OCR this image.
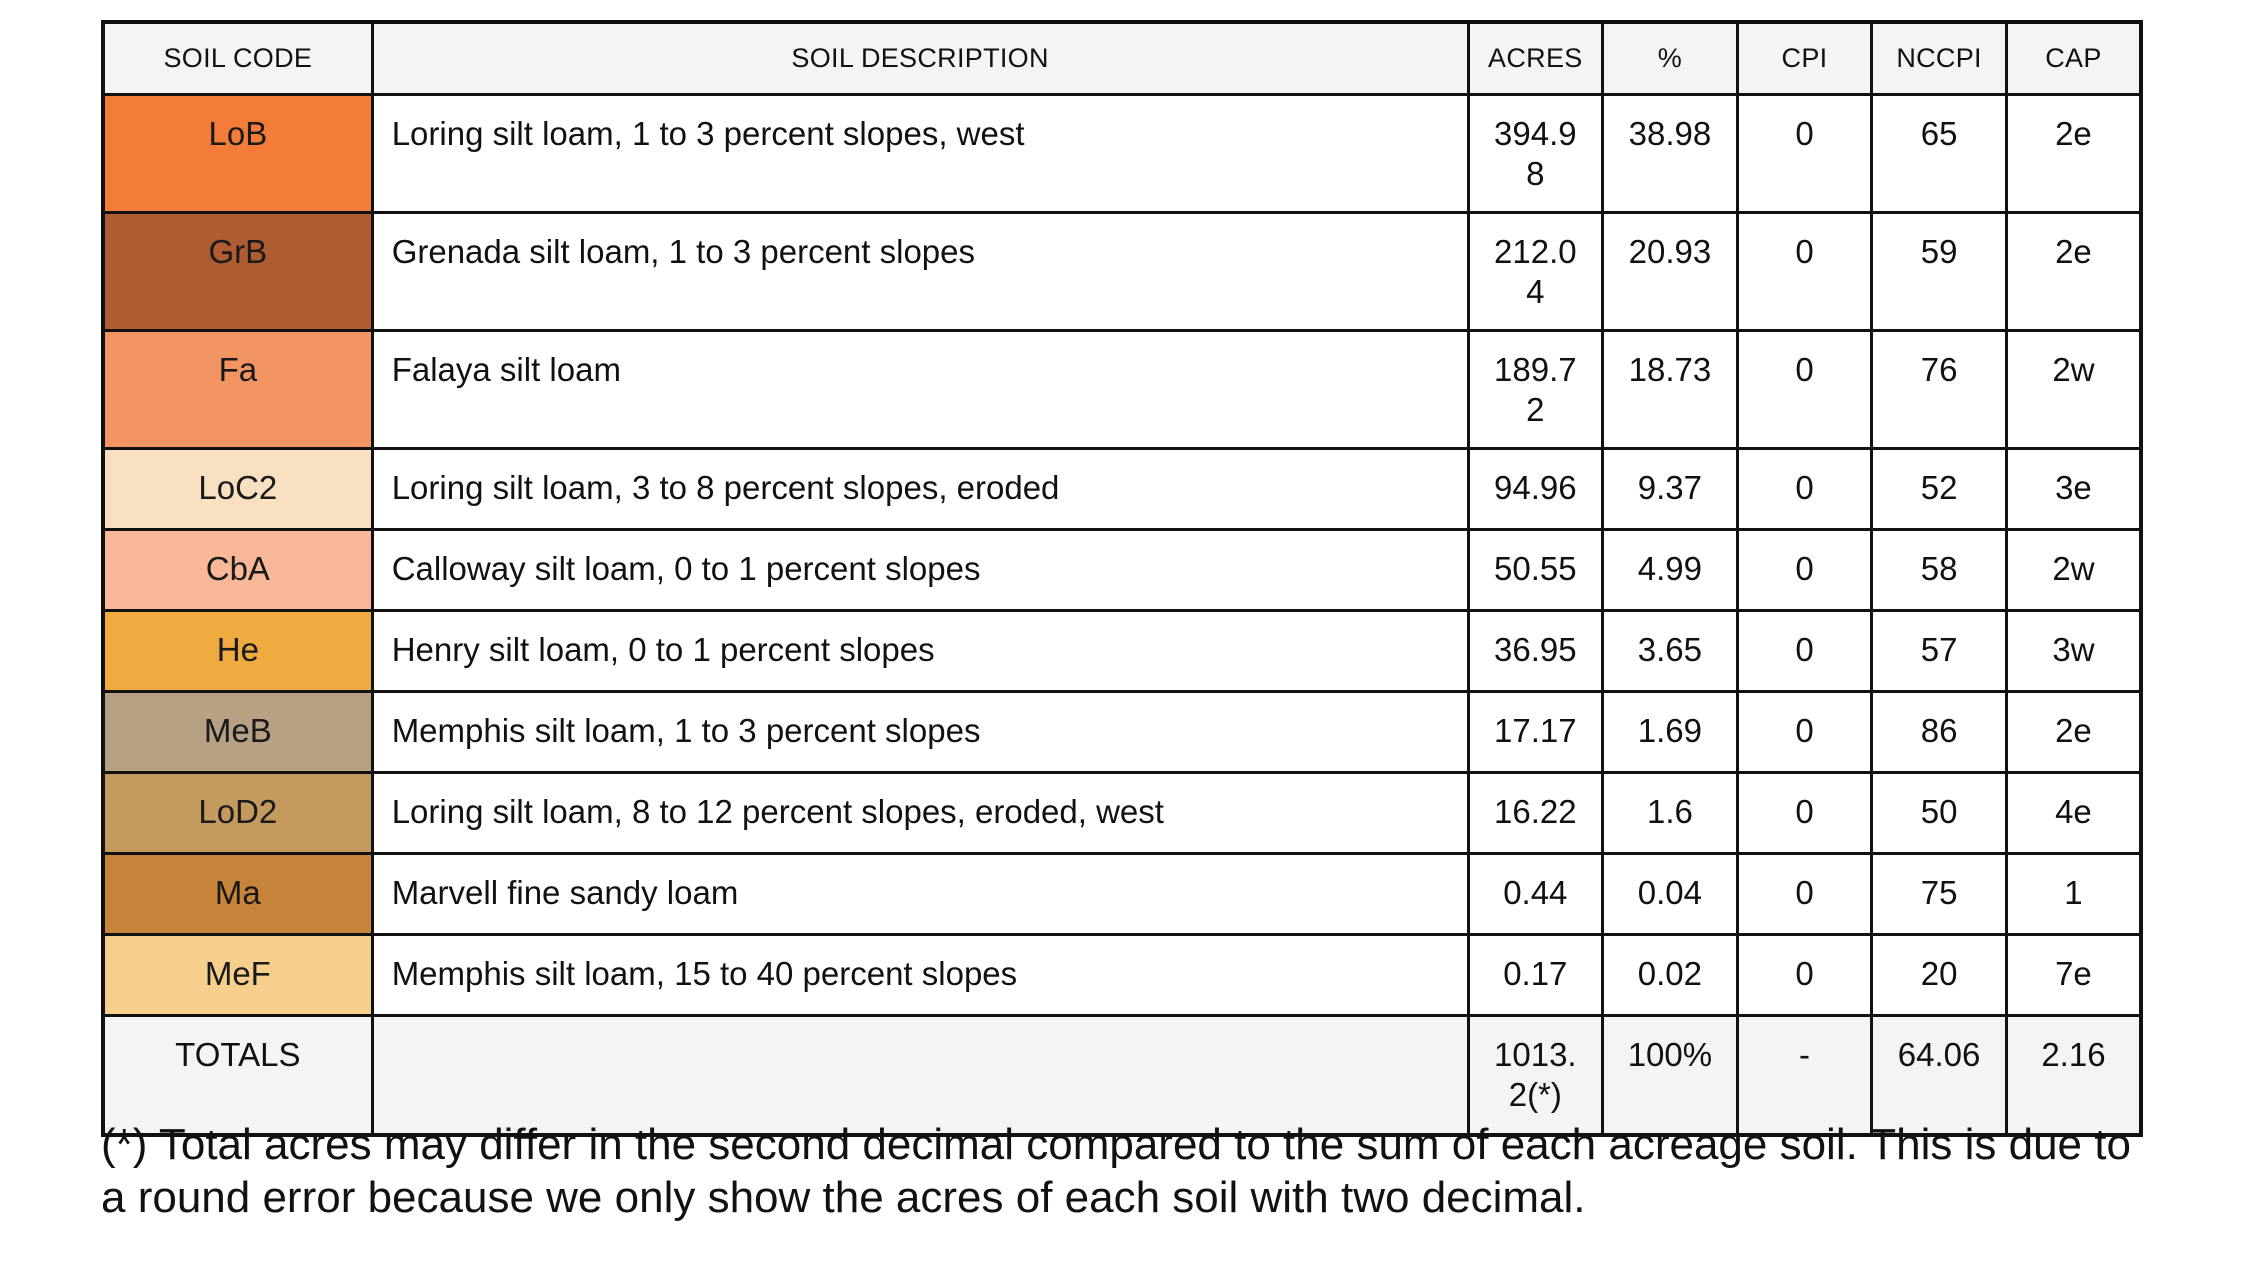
SOIL CODE	SOIL DESCRIPTION	ACRES	%	CPI	NCCPI	CAP
LoB	Loring silt loam, 1 to 3 percent slopes, west	394.98	38.98	0	65	2e
GrB	Grenada silt loam, 1 to 3 percent slopes	212.04	20.93	0	59	2e
Fa	Falaya silt loam	189.72	18.73	0	76	2w
LoC2	Loring silt loam, 3 to 8 percent slopes, eroded	94.96	9.37	0	52	3e
CbA	Calloway silt loam, 0 to 1 percent slopes	50.55	4.99	0	58	2w
He	Henry silt loam, 0 to 1 percent slopes	36.95	3.65	0	57	3w
MeB	Memphis silt loam, 1 to 3 percent slopes	17.17	1.69	0	86	2e
LoD2	Loring silt loam, 8 to 12 percent slopes, eroded, west	16.22	1.6	0	50	4e
Ma	Marvell fine sandy loam	0.44	0.04	0	75	1
MeF	Memphis silt loam, 15 to 40 percent slopes	0.17	0.02	0	20	7e
TOTALS		1013.2(*)	100%	-	64.06	2.16
(*) Total acres may differ in the second decimal compared to the sum of each acreage soil. This is due to a round error because we only show the acres of each soil with two decimal.
